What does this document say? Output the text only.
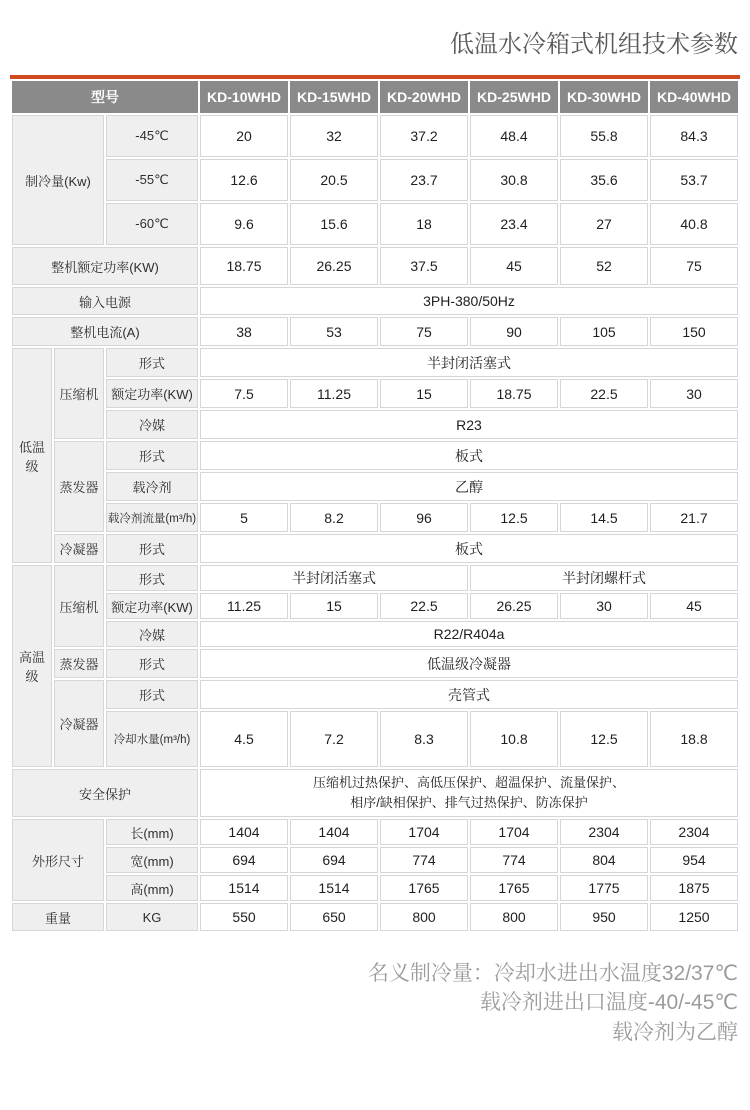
低温水冷箱式机组技术参数
型号			KD-10WHD	KD-15WHD	KD-20WHD	KD-25WHD	KD-30WHD	KD-40WHD
制冷量(Kw)		-45℃	20	32	37.2	48.4	55.8	84.3
		-55℃	12.6	20.5	23.7	30.8	35.6	53.7
		-60℃	9.6	15.6	18	23.4	27	40.8
整机额定功率(KW)			18.75	26.25	37.5	45	52	75
输入电源			3PH-380/50Hz					
整机电流(A)			38	53	75	90	105	150
低温级	压缩机	形式	半封闭活塞式					
		额定功率(KW)	7.5	11.25	15	18.75	22.5	30
		冷媒	R23					
	蒸发器	形式	板式					
		载冷剂	乙醇					
		载冷剂流量(m³/h)	5	8.2	96	12.5	14.5	21.7
	冷凝器	形式	板式					
高温级	压缩机	形式	半封闭活塞式			半封闭螺杆式		
		额定功率(KW)	11.25	15	22.5	26.25	30	45
		冷媒	R22/R404a					
	蒸发器	形式	低温级冷凝器					
	冷凝器	形式	壳管式					
		冷却水量(m³/h)	4.5	7.2	8.3	10.8	12.5	18.8
安全保护			压缩机过热保护、高低压保护、超温保护、流量保护、
相序/缺相保护、排气过热保护、防冻保护					

外形尺寸		长(mm)	1404	1404	1704	1704	2304	2304
		宽(mm)	694	694	774	774	804	954
		高(mm)	1514	1514	1765	1765	1775	1875
重量		KG	550	650	800	800	950	1250
名义制冷量：冷却水进出水温度32/37℃
载冷剂进出口温度-40/-45℃
载冷剂为乙醇
